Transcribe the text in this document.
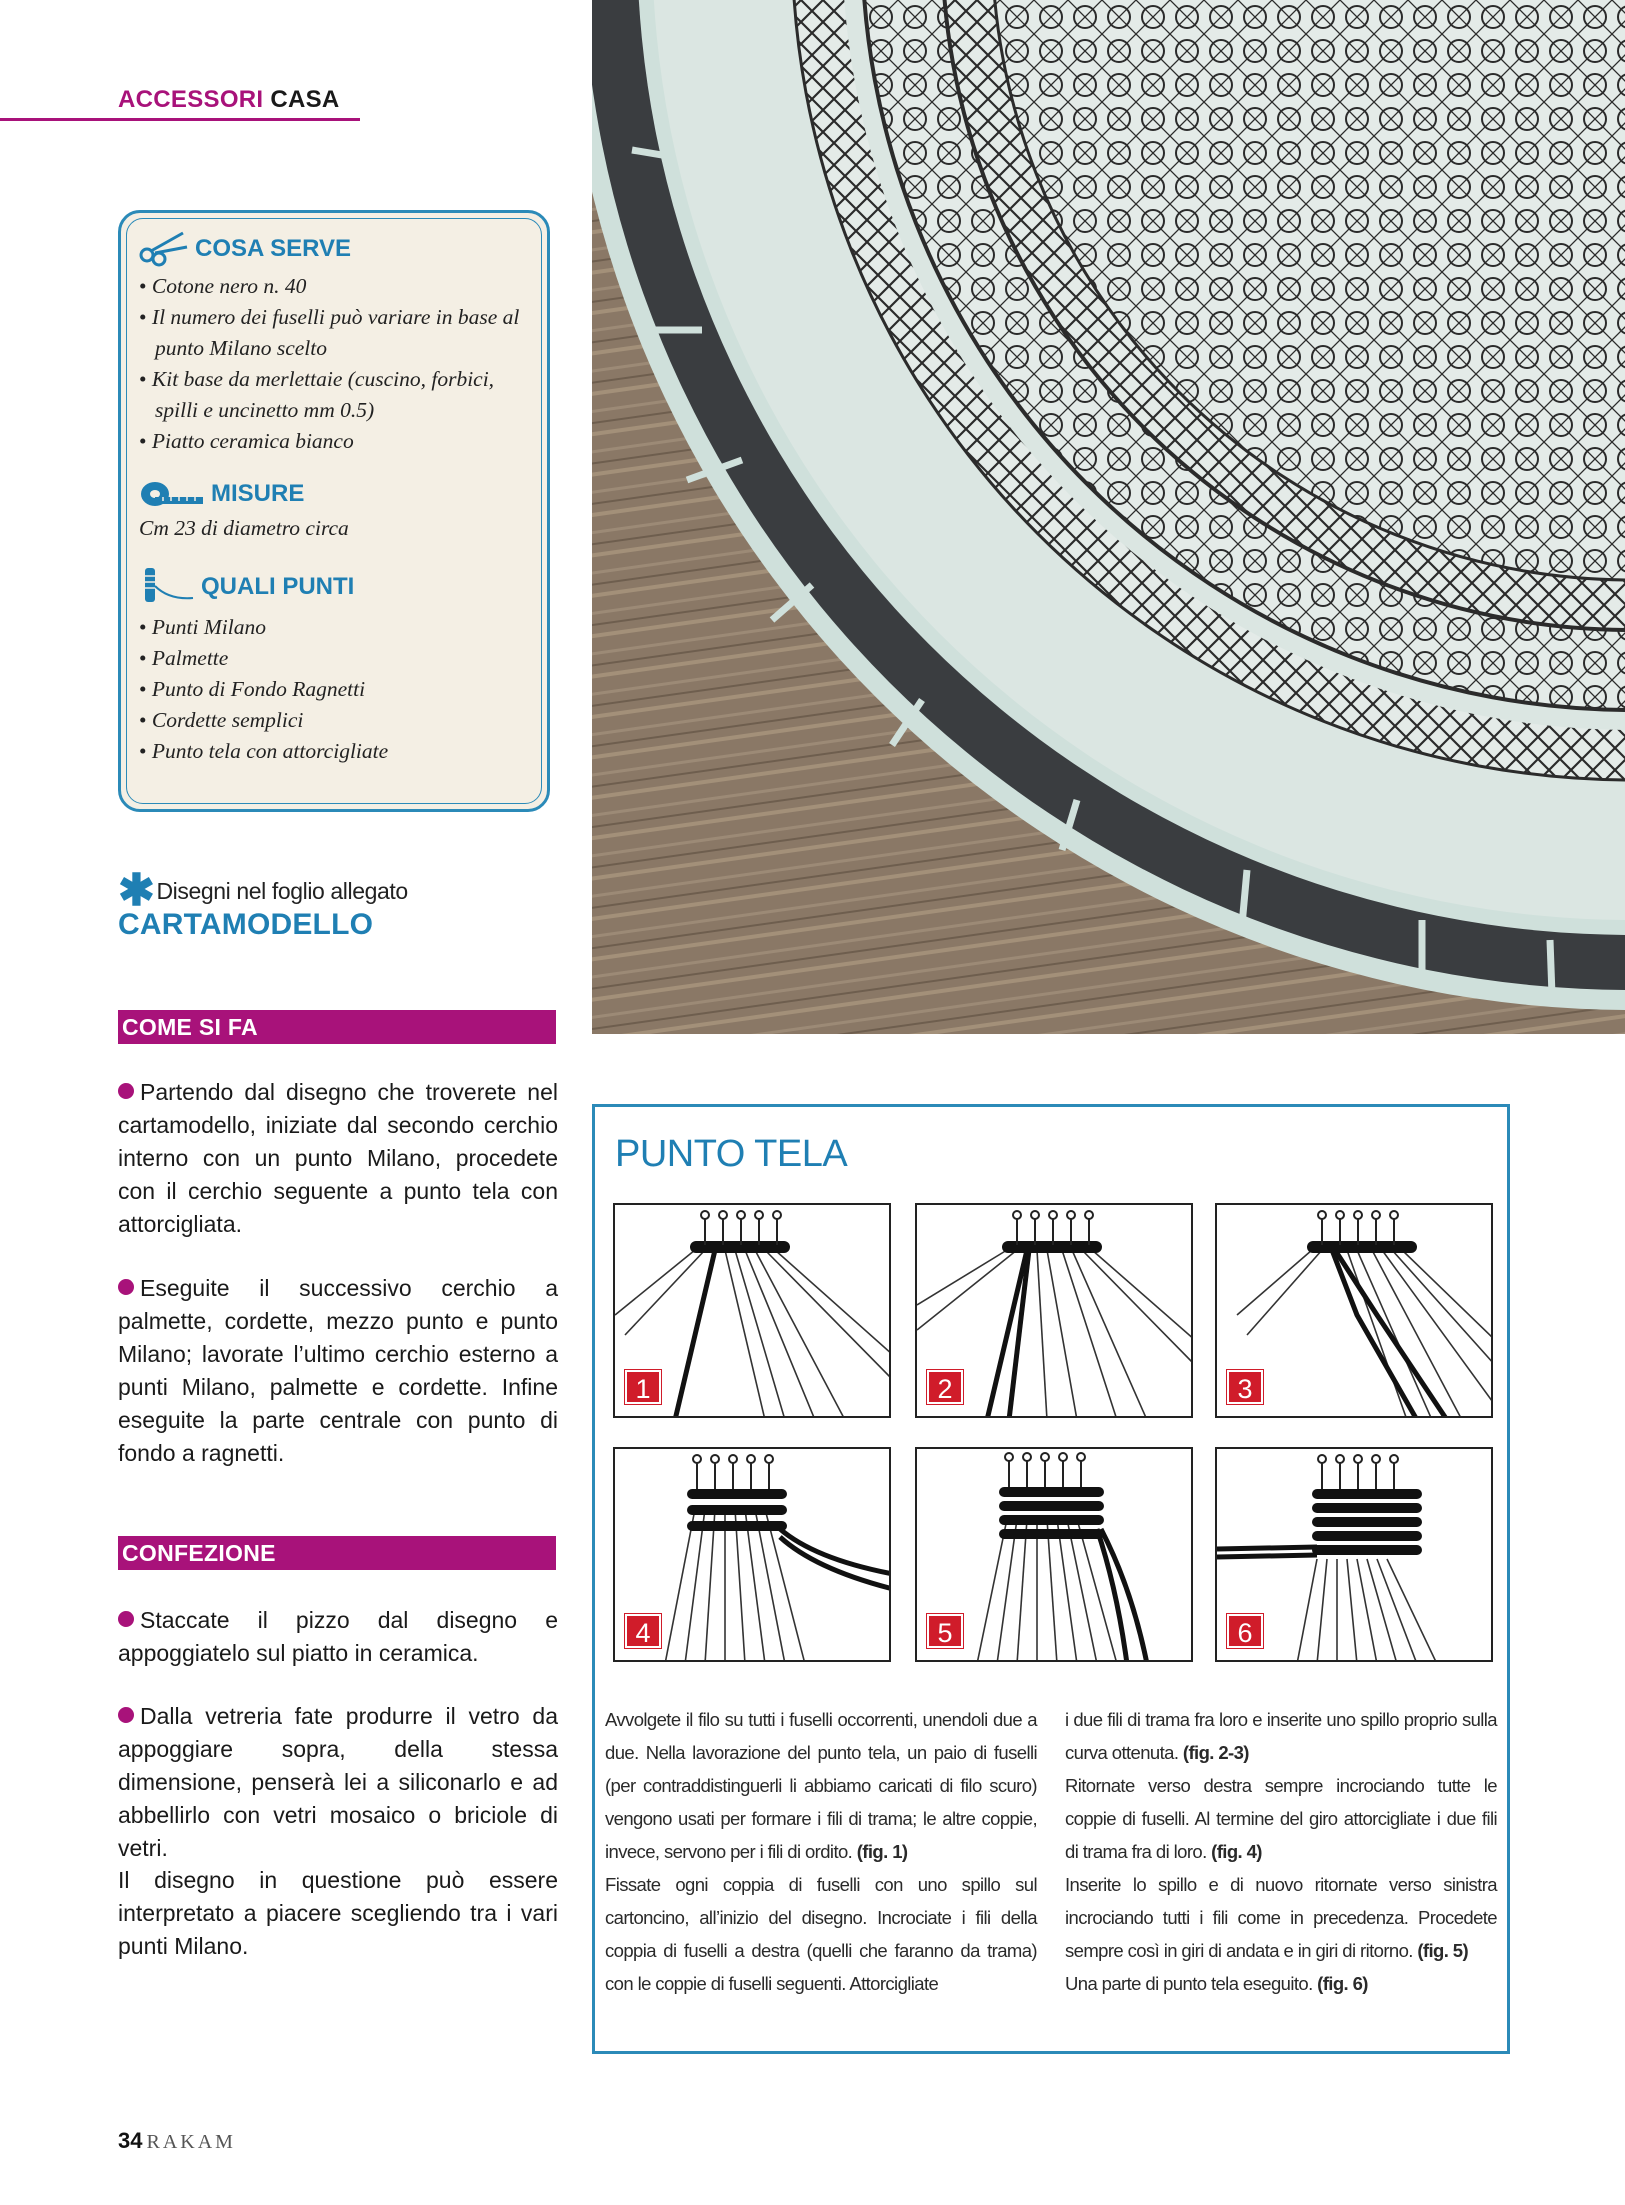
ACCESSORI CASA
COSA SERVE
• Cotone nero n. 40
• Il numero dei fuselli può variare in base al punto Milano scelto
• Kit base da merlettaie (cuscino, forbici, spilli e uncinetto mm 0.5)
• Piatto ceramica bianco
MISURE
Cm 23 di diametro circa
QUALI PUNTI
• Punti Milano
• Palmette
• Punto di Fondo Ragnetti
• Cordette semplici
• Punto tela con attorcigliate
✱ Disegni nel foglio allegato
CARTAMODELLO
COME SI FA
Partendo dal disegno che troverete nel cartamodello, iniziate dal secondo cerchio interno con un punto Milano, procedete con il cerchio seguente a punto tela con attorcigliata.
Eseguite il successivo cerchio a palmette, cordette, mezzo punto e punto Milano; lavorate l’ultimo cerchio esterno a punti Milano, palmette e cordette. Infine eseguite la parte centrale con punto di fondo a ragnetti.
CONFEZIONE
Staccate il pizzo dal disegno e appoggiatelo sul piatto in ceramica.
Dalla vetreria fate produrre il vetro da appoggiare sopra, della stessa dimensione, penserà lei a siliconarlo e ad abbellirlo con vetri mosaico o briciole di vetri.
Il disegno in questione può essere interpretato a piacere scegliendo tra i vari punti Milano.
PUNTO TELA
1	2	3
4	5	6
Avvolgete il filo su tutti i fuselli occorrenti, unendoli due a due. Nella lavorazione del punto tela, un paio di fuselli (per contraddistinguerli li abbiamo caricati di filo scuro) vengono usati per formare i fili di trama; le altre coppie, invece, servono per i fili di ordito. (fig. 1)
Fissate ogni coppia di fuselli con uno spillo sul cartoncino, all’inizio del disegno. Incrociate i fili della coppia di fuselli a destra (quelli che faranno da trama) con le coppie di fuselli seguenti. Attorcigliate
i due fili di trama fra loro e inserite uno spillo proprio sulla curva ottenuta. (fig. 2-3)
Ritornate verso destra sempre incrociando tutte le coppie di fuselli. Al termine del giro attorcigliate i due fili di trama fra di loro. (fig. 4)
Inserite lo spillo e di nuovo ritornate verso sinistra incrociando tutti i fili come in precedenza. Procedete sempre così in giri di andata e in giri di ritorno. (fig. 5)
Una parte di punto tela eseguito. (fig. 6)
34 RAKAM
